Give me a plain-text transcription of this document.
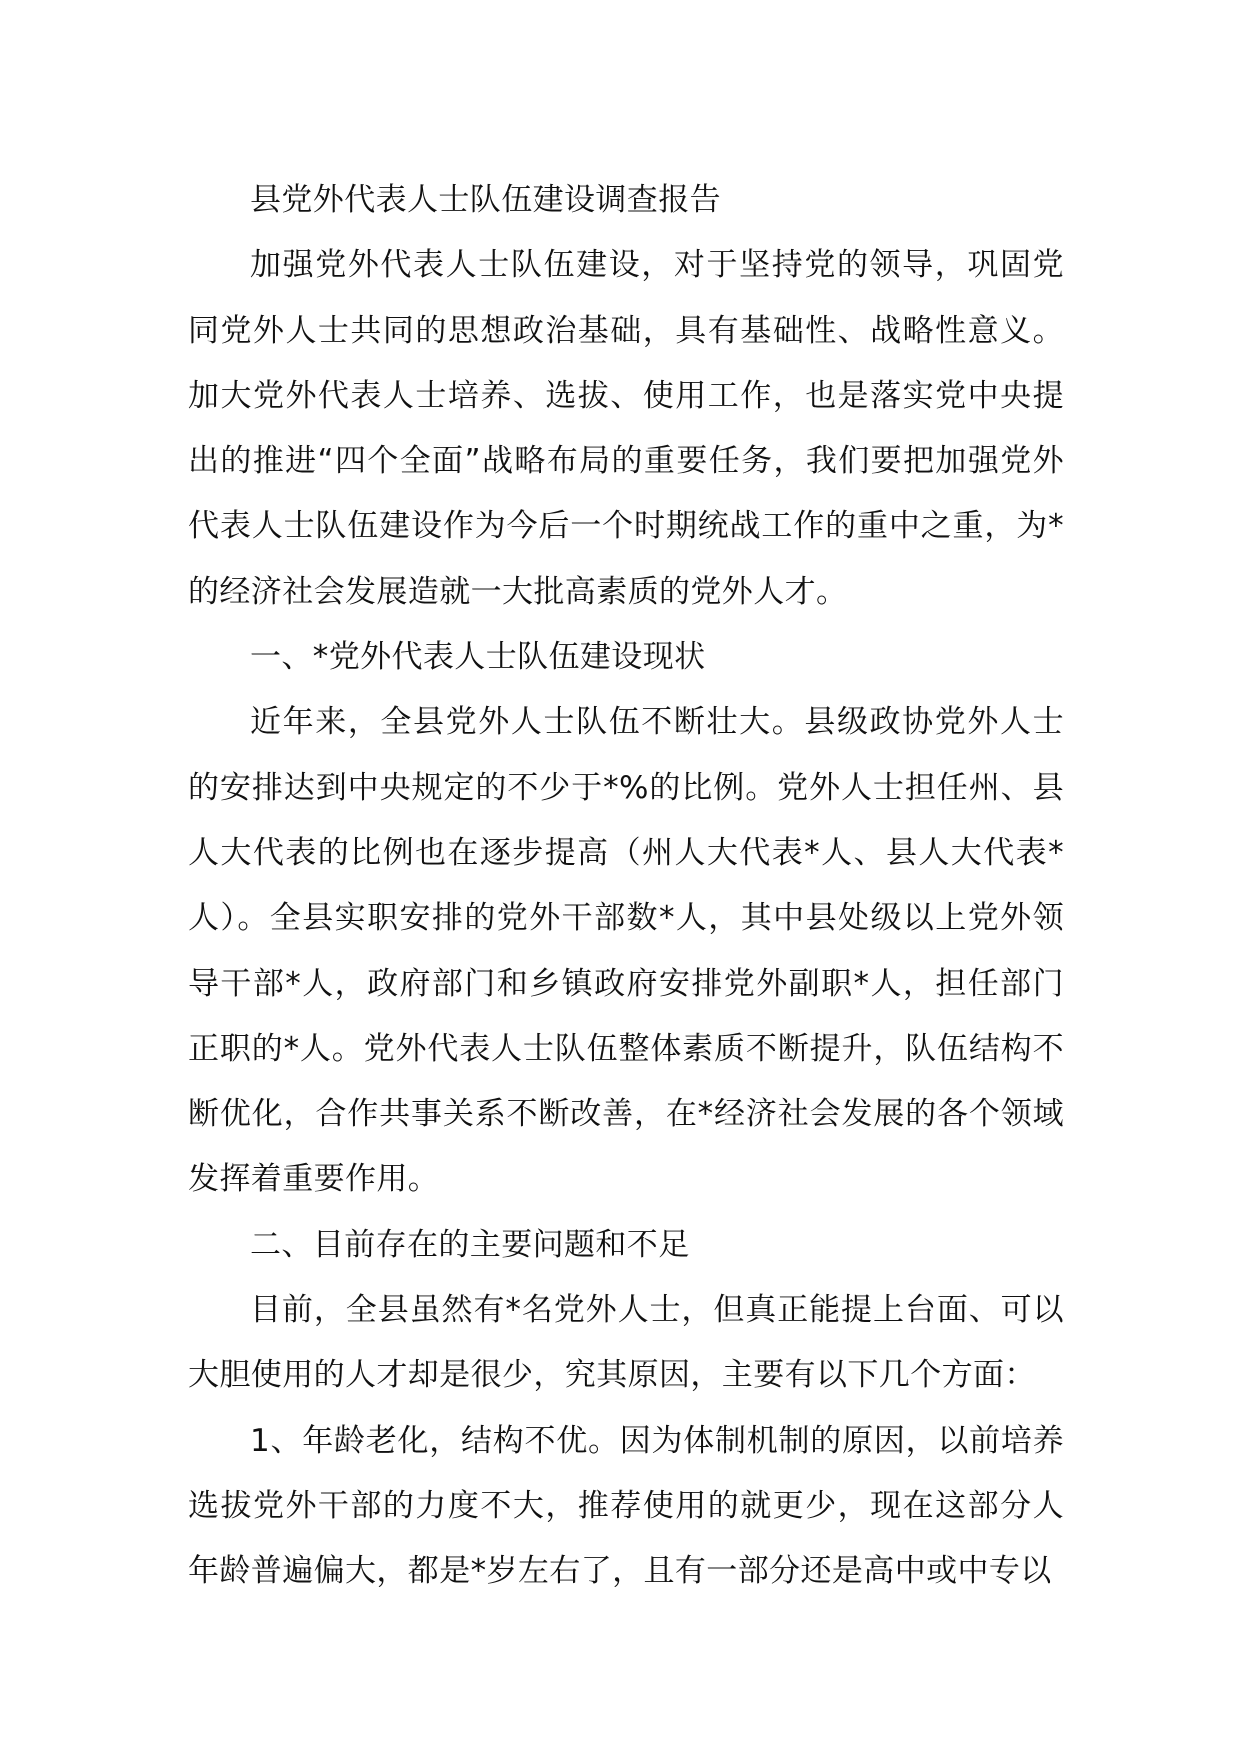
县党外代表人士队伍建设调查报告

加强党外代表人士队伍建设，对于坚持党的领导，巩固党同党外人士共同的思想政治基础，具有基础性、战略性意义。加大党外代表人士培养、选拔、使用工作，也是落实党中央提出的推进“四个全面”战略布局的重要任务，我们要把加强党外代表人士队伍建设作为今后一个时期统战工作的重中之重，为*的经济社会发展造就一大批高素质的党外人才。

一、*党外代表人士队伍建设现状

近年来，全县党外人士队伍不断壮大。县级政协党外人士的安排达到中央规定的不少于*%的比例。党外人士担任州、县人大代表的比例也在逐步提高（州人大代表*人、县人大代表*人）。全县实职安排的党外干部数*人，其中县处级以上党外领导干部*人，政府部门和乡镇政府安排党外副职*人，担任部门正职的*人。党外代表人士队伍整体素质不断提升，队伍结构不断优化，合作共事关系不断改善，在*经济社会发展的各个领域发挥着重要作用。

二、目前存在的主要问题和不足

目前，全县虽然有*名党外人士，但真正能提上台面、可以大胆使用的人才却是很少，究其原因，主要有以下几个方面：

1、年龄老化，结构不优。因为体制机制的原因，以前培养选拔党外干部的力度不大，推荐使用的就更少，现在这部分人年龄普遍偏大，都是*岁左右了，且有一部分还是高中或中专以
